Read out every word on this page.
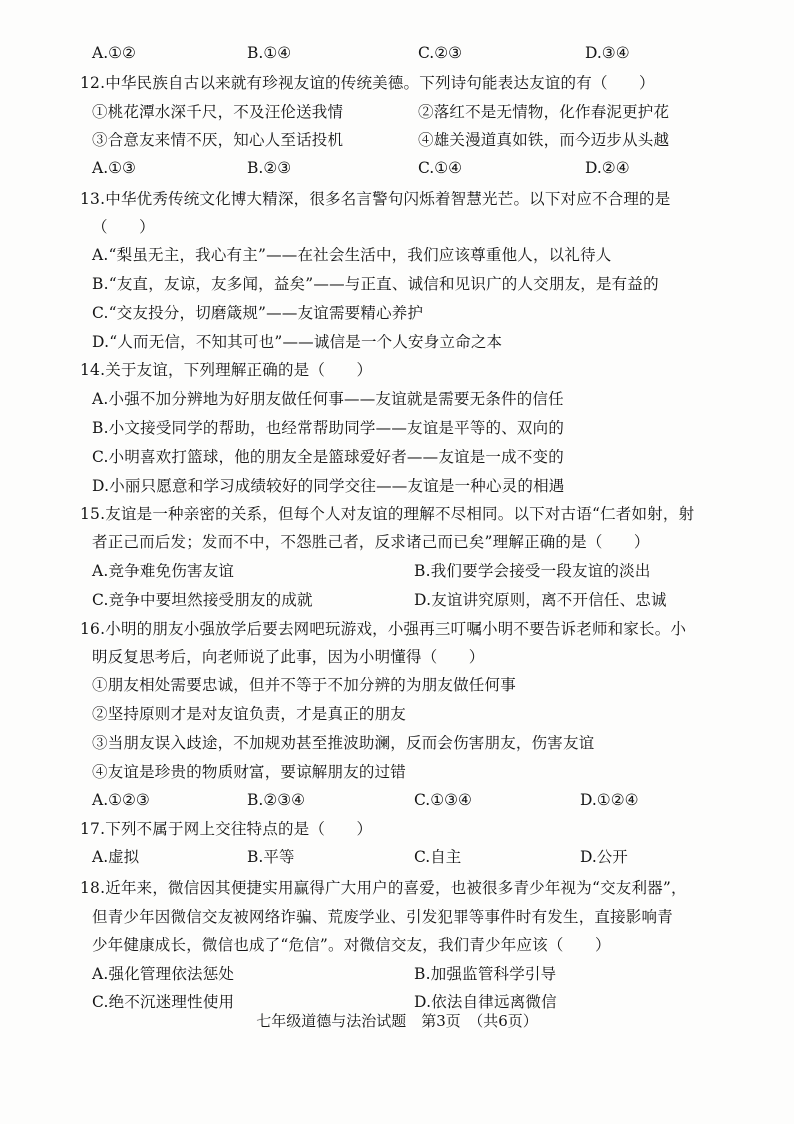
A.①②	B.①④	C.②③	D.③④
12.中华民族自古以来就有珍视友谊的传统美德。下列诗句能表达友谊的有（　　）
①桃花潭水深千尺，不及汪伦送我情	②落红不是无情物，化作春泥更护花
③合意友来情不厌，知心人至话投机	④雄关漫道真如铁，而今迈步从头越
A.①③	B.②③	C.①④	D.②④
13.中华优秀传统文化博大精深，很多名言警句闪烁着智慧光芒。以下对应不合理的是
（　　）
A.“梨虽无主，我心有主”——在社会生活中，我们应该尊重他人，以礼待人
B.“友直，友谅，友多闻，益矣”——与正直、诚信和见识广的人交朋友，是有益的
C.“交友投分，切磨箴规”——友谊需要精心养护
D.“人而无信，不知其可也”——诚信是一个人安身立命之本
14.关于友谊，下列理解正确的是（　　）
A.小强不加分辨地为好朋友做任何事——友谊就是需要无条件的信任
B.小文接受同学的帮助，也经常帮助同学——友谊是平等的、双向的
C.小明喜欢打篮球，他的朋友全是篮球爱好者——友谊是一成不变的
D.小丽只愿意和学习成绩较好的同学交往——友谊是一种心灵的相遇
15.友谊是一种亲密的关系，但每个人对友谊的理解不尽相同。以下对古语“仁者如射，射
者正己而后发；发而不中，不怨胜己者，反求诸己而已矣”理解正确的是（　　）
A.竞争难免伤害友谊	B.我们要学会接受一段友谊的淡出
C.竞争中要坦然接受朋友的成就	D.友谊讲究原则，离不开信任、忠诚
16.小明的朋友小强放学后要去网吧玩游戏，小强再三叮嘱小明不要告诉老师和家长。小
明反复思考后，向老师说了此事，因为小明懂得（　　）
①朋友相处需要忠诚，但并不等于不加分辨的为朋友做任何事
②坚持原则才是对友谊负责，才是真正的朋友
③当朋友误入歧途，不加规劝甚至推波助澜，反而会伤害朋友，伤害友谊
④友谊是珍贵的物质财富，要谅解朋友的过错
A.①②③	B.②③④	C.①③④	D.①②④
17.下列不属于网上交往特点的是（　　）
A.虚拟	B.平等	C.自主	D.公开
18.近年来，微信因其便捷实用赢得广大用户的喜爱，也被很多青少年视为“交友利器”，
但青少年因微信交友被网络诈骗、荒废学业、引发犯罪等事件时有发生，直接影响青
少年健康成长，微信也成了“危信”。对微信交友，我们青少年应该（　　）
A.强化管理依法惩处	B.加强监管科学引导
C.绝不沉迷理性使用	D.依法自律远离微信
七年级道德与法治试题　第3页　（共6页）
